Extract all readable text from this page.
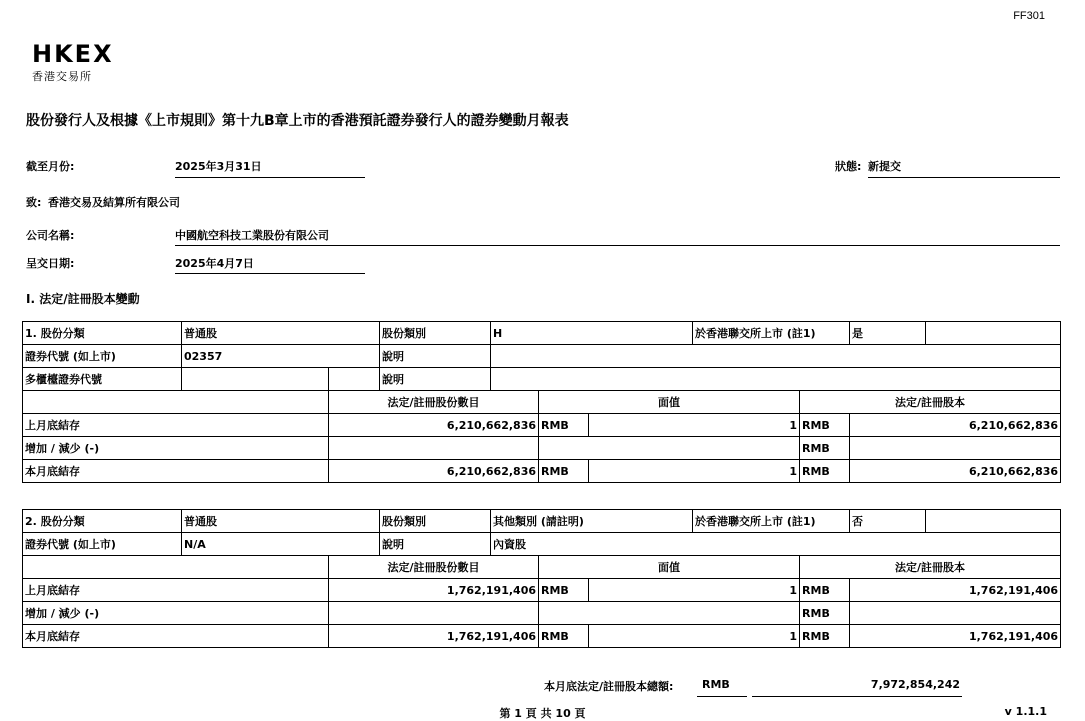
FF301
HKEX
香港交易所
股份發行人及根據《上市規則》第十九B章上市的香港預託證券發行人的證券變動月報表
截至月份:	2025年3月31日	狀態: 新提交
致: 香港交易及結算所有限公司
公司名稱:	中國航空科技工業股份有限公司
呈交日期:	2025年4月7日
I. 法定/註冊股本變動
1. 股份分類	普通股		股份類別	H			於香港聯交所上市 (註1)		是	
證券代號 (如上市)	02357		說明							
多櫃檯證券代號			說明							
		法定/註冊股份數目			面值			法定/註冊股本		
上月底結存		6,210,662,836			RMB	1		RMB	6,210,662,836	
增加 / 減少 (-)								RMB		
本月底結存		6,210,662,836			RMB	1		RMB	6,210,662,836	
2. 股份分類	普通股		股份類別	其他類別 (請註明)			於香港聯交所上市 (註1)		否	
證券代號 (如上市)	N/A		說明	內資股						
		法定/註冊股份數目			面值			法定/註冊股本		
上月底結存		1,762,191,406			RMB	1		RMB	1,762,191,406	
增加 / 減少 (-)								RMB		
本月底結存		1,762,191,406			RMB	1		RMB	1,762,191,406	
本月底法定/註冊股本總額:	RMB	7,972,854,242
第 1 頁 共 10 頁	v 1.1.1
